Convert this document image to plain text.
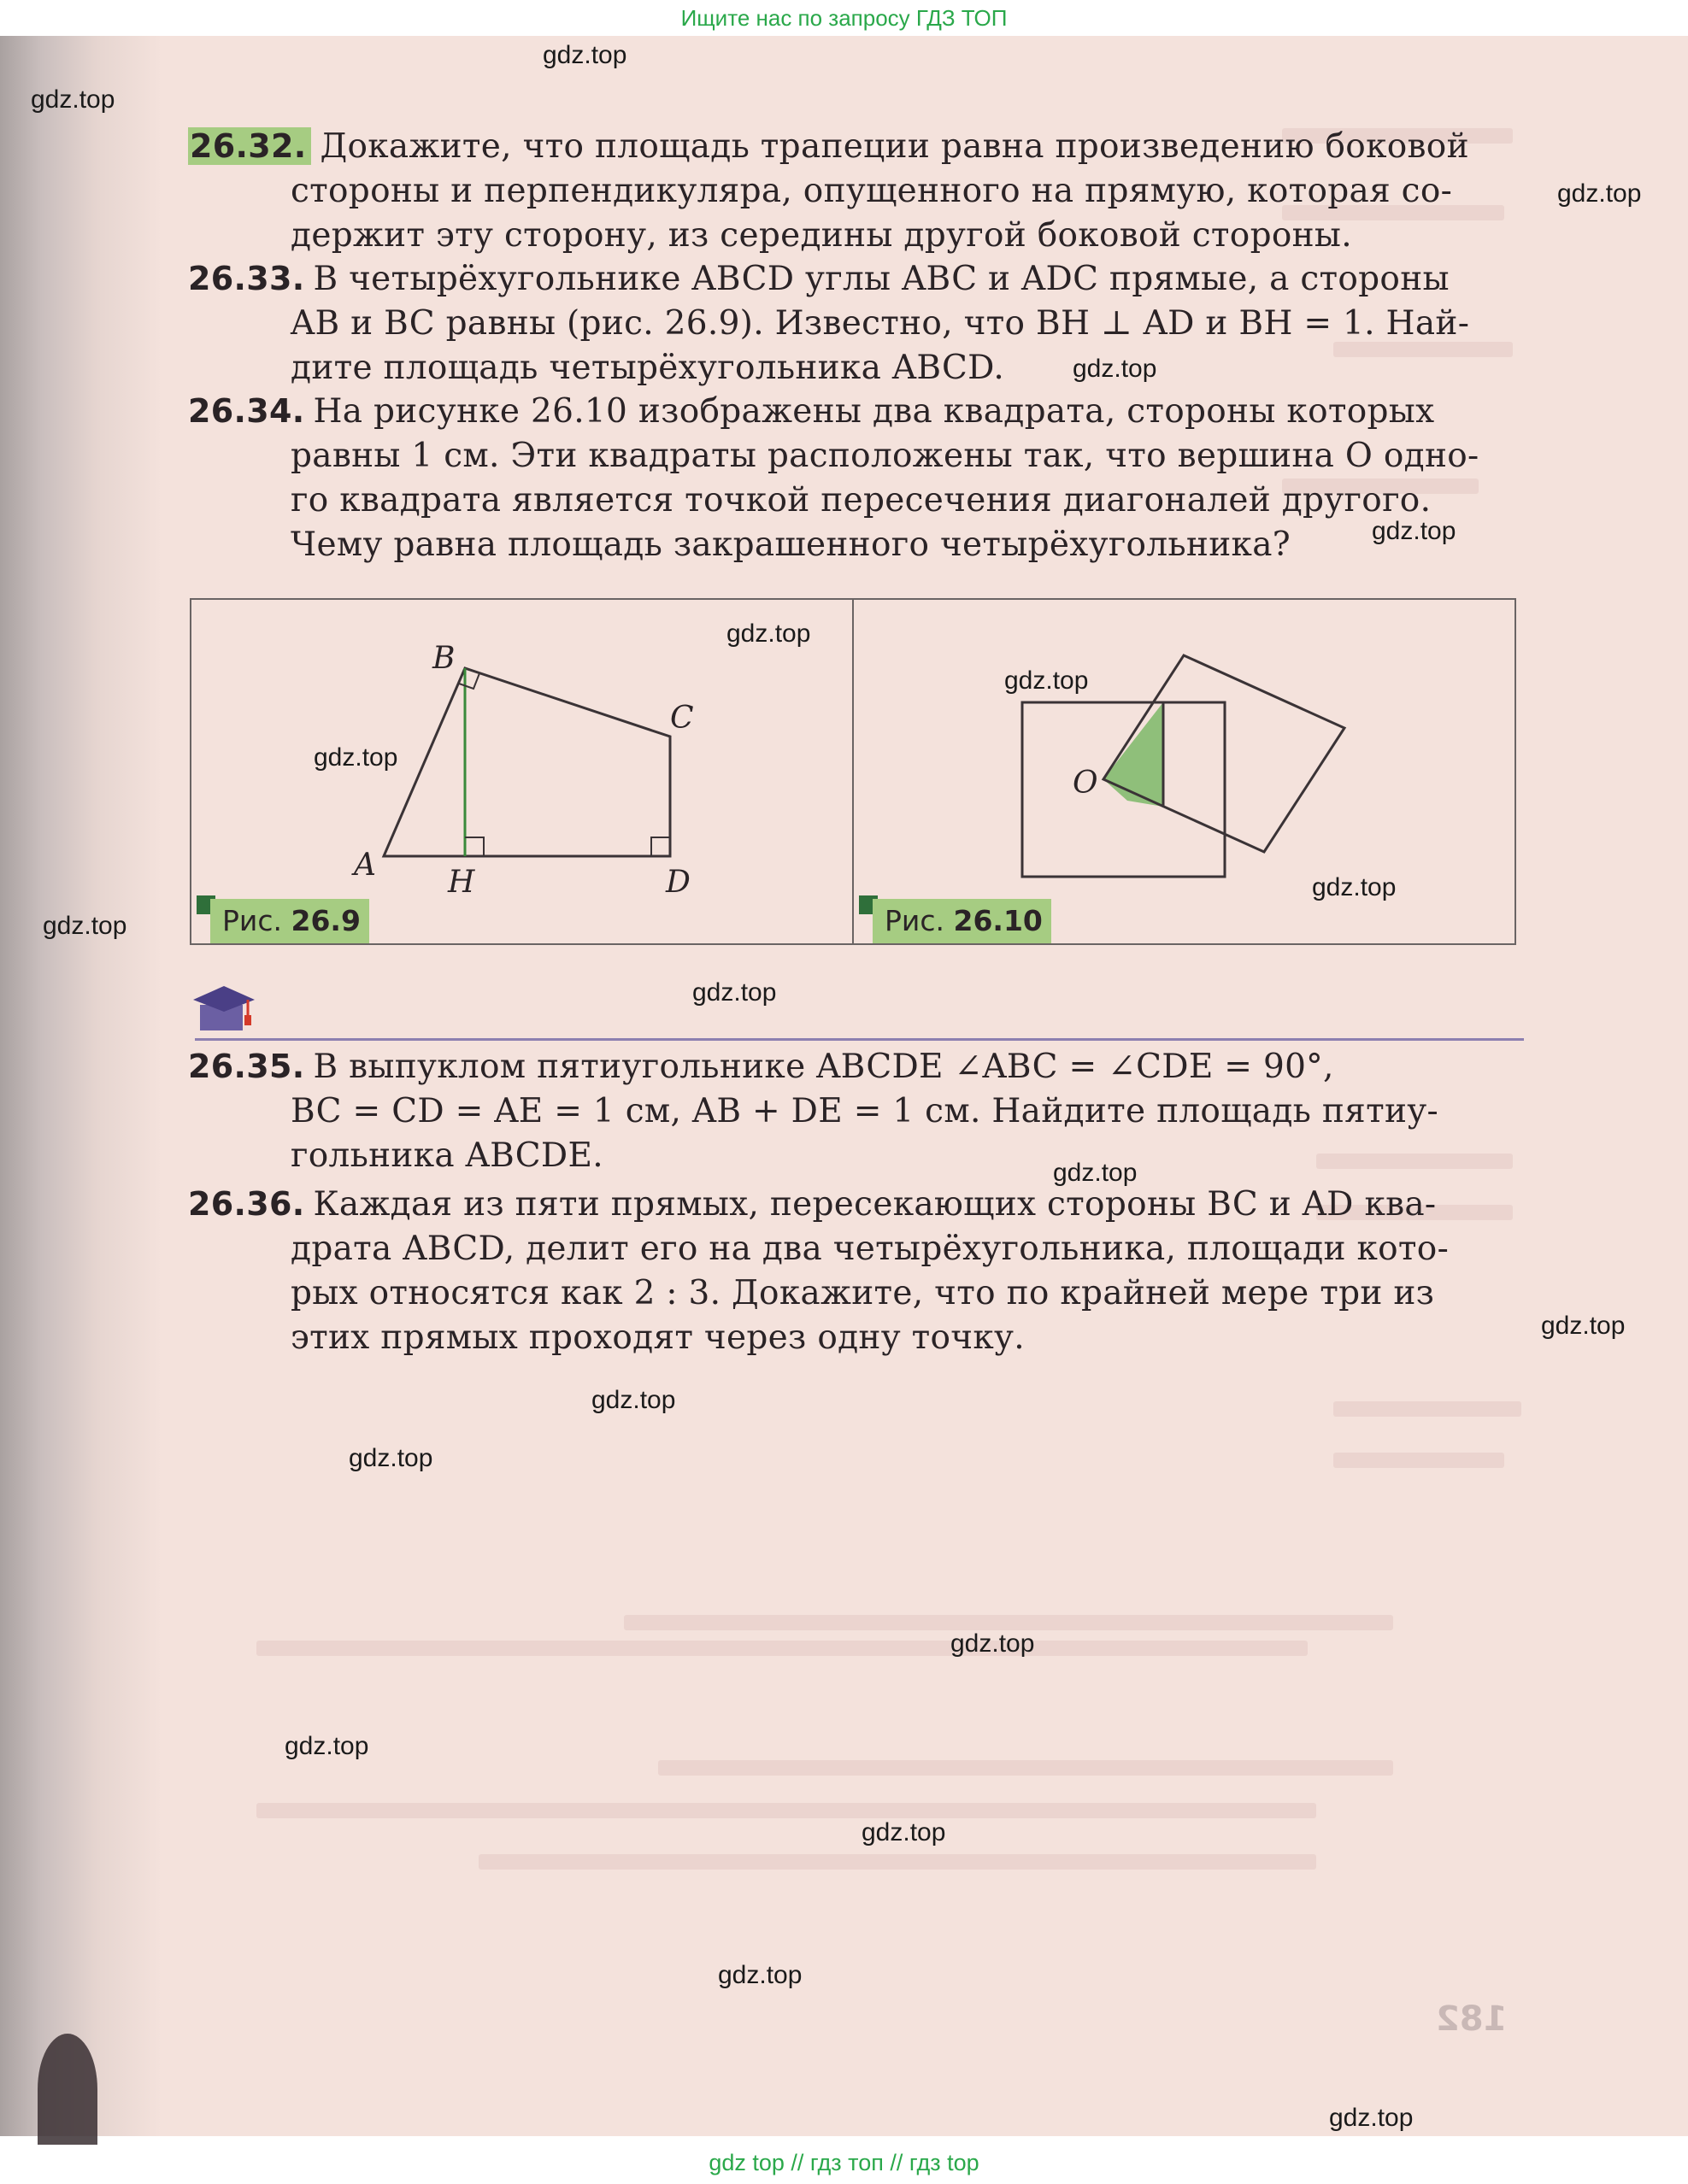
Ищите нас по запросу ГДЗ ТОП
26.32. Докажите, что площадь трапеции равна произведению боковой
стороны и перпендикуляра, опущенного на прямую, которая со-
держит эту сторону, из середины другой боковой стороны.
26.33. В четырёхугольнике ABCD углы ABC и ADC прямые, а стороны
AB и BC равны (рис. 26.9). Известно, что BH ⊥ AD и BH = 1. Най-
дите площадь четырёхугольника ABCD.
26.34. На рисунке 26.10 изображены два квадрата, стороны которых
равны 1 см. Эти квадраты расположены так, что вершина O одно-
го квадрата является точкой пересечения диагоналей другого.
Чему равна площадь закрашенного четырёхугольника?
A
B
C
D
H
Рис. 26.9
O
Рис. 26.10
26.35. В выпуклом пятиугольнике ABCDE ∠ABC = ∠CDE = 90°,
BC = CD = AE = 1 см, AB + DE = 1 см. Найдите площадь пятиу-
гольника ABCDE.
26.36. Каждая из пяти прямых, пересекающих стороны BC и AD ква-
драта ABCD, делит его на два четырёхугольника, площади кото-
рых относятся как 2 : 3. Докажите, что по крайней мере три из
этих прямых проходят через одну точку.
182
gdz.top
gdz.top
gdz.top
gdz.top
gdz.top
gdz.top
gdz.top
gdz.top
gdz.top
gdz.top
gdz.top
gdz.top
gdz.top
gdz.top
gdz.top
gdz.top
gdz.top
gdz.top
gdz.top
gdz.top
gdz top // гдз топ // гдз top
